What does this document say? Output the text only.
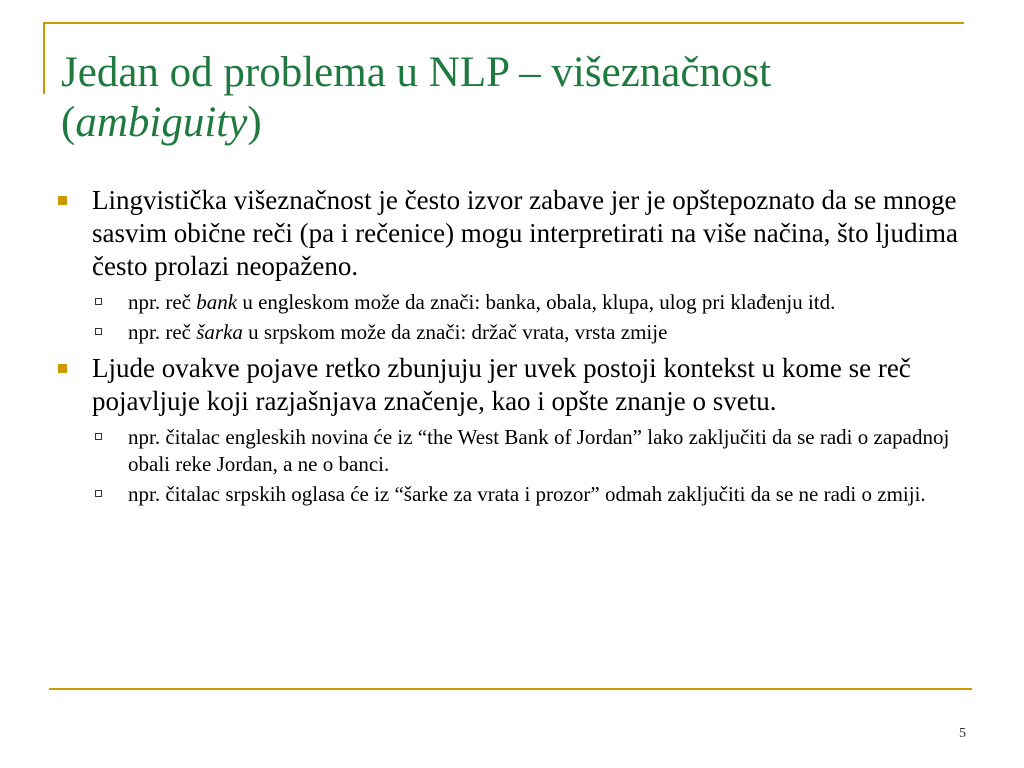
Jedan od problema u NLP – višeznačnost
(ambiguity)
Lingvistička višeznačnost je često izvor zabave jer je opštepoznato da se mnoge sasvim obične reči (pa i rečenice) mogu interpretirati na više načina, što ljudima često prolazi neopaženo.
npr. reč bank u engleskom može da znači: banka, obala, klupa, ulog pri klađenju itd.
npr. reč šarka u srpskom može da znači: držač vrata, vrsta zmije
Ljude ovakve pojave retko zbunjuju jer uvek postoji kontekst u kome se reč pojavljuje koji razjašnjava značenje, kao i opšte znanje o svetu.
npr. čitalac engleskih novina će iz “the West Bank of Jordan” lako zaključiti da se radi o zapadnoj obali reke Jordan, a ne o banci.
npr. čitalac srpskih oglasa će iz “šarke za vrata i prozor” odmah zaključiti da se ne radi o zmiji.
5
